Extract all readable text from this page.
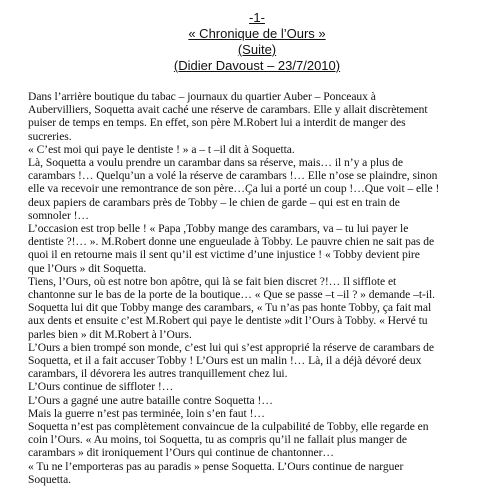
-1-
« Chronique de l’Ours »
(Suite)
(Didier Davoust – 23/7/2010)
Dans l’arrière boutique du tabac – journaux du quartier Auber – Ponceaux à
Aubervilliers, Soquetta avait caché une réserve de carambars. Elle y allait discrètement
puiser de temps en temps. En effet, son père M.Robert lui a interdit de manger des
sucreries.
« C’est moi qui paye le dentiste ! » a – t –il dit à Soquetta.
Là, Soquetta a voulu prendre un carambar dans sa réserve, mais… il n’y a plus de
carambars !… Quelqu’un a volé la réserve de carambars !… Elle n’ose se plaindre, sinon
elle va recevoir une remontrance de son père…Ça lui a porté un coup !…Que voit – elle !
deux papiers de carambars près de Tobby – le chien de garde – qui est en train de
somnoler !…
L’occasion est trop belle ! « Papa ,Tobby mange des carambars, va – tu lui payer le
dentiste ?!… ». M.Robert donne une engueulade à Tobby. Le pauvre chien ne sait pas de
quoi il en retourne mais il sent qu’il est victime d’une injustice ! « Tobby devient pire
que l’Ours » dit Soquetta.
Tiens, l’Ours, où est notre bon apôtre, qui là se fait bien discret ?!… Il sifflote et
chantonne sur le bas de la porte de la boutique… « Que se passe –t –il ? » demande –t-il.
Soquetta lui dit que Tobby mange des carambars, « Tu n’as pas honte Tobby, ça fait mal
aux dents et ensuite c’est M.Robert qui paye le dentiste »dit l’Ours à Tobby. « Hervé tu
parles bien » dit M.Robert à l’Ours.
L’Ours a bien trompé son monde, c’est lui qui s’est approprié la réserve de carambars de
Soquetta, et il a fait accuser Tobby ! L’Ours est un malin !… Là, il a déjà dévoré deux
carambars, il dévorera les autres tranquillement chez lui.
L’Ours continue de siffloter !…
L’Ours a gagné une autre bataille contre Soquetta !…
Mais la guerre n’est pas terminée, loin s’en faut !…
Soquetta n’est pas complètement convaincue de la culpabilité de Tobby, elle regarde en
coin l’Ours. « Au moins, toi Soquetta, tu as compris qu’il ne fallait plus manger de
carambars » dit ironiquement l’Ours qui continue de chantonner…
« Tu ne l’emporteras pas au paradis » pense Soquetta. L’Ours continue de narguer
Soquetta.
